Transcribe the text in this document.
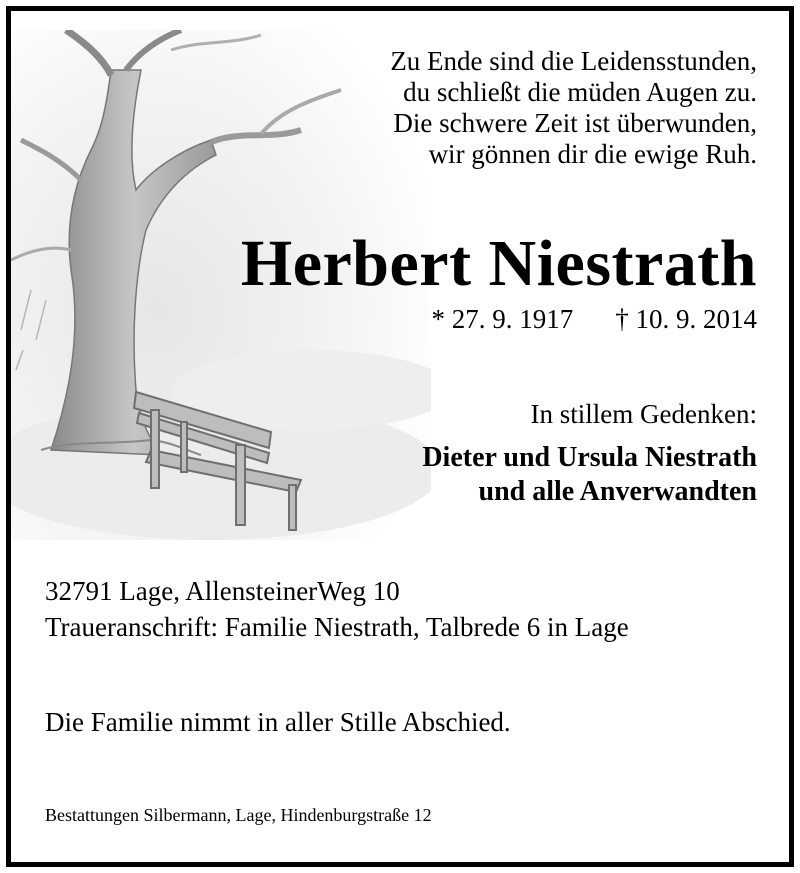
Zu Ende sind die Leidensstunden,
du schließt die müden Augen zu.
Die schwere Zeit ist überwunden,
wir gönnen dir die ewige Ruh.
Herbert Niestrath
* 27. 9. 1917 † 10. 9. 2014
In stillem Gedenken:
Dieter und Ursula Niestrath
und alle Anverwandten
32791 Lage, AllensteinerWeg 10
Traueranschrift: Familie Niestrath, Talbrede 6 in Lage
Die Familie nimmt in aller Stille Abschied.
Bestattungen Silbermann, Lage, Hindenburgstraße 12
